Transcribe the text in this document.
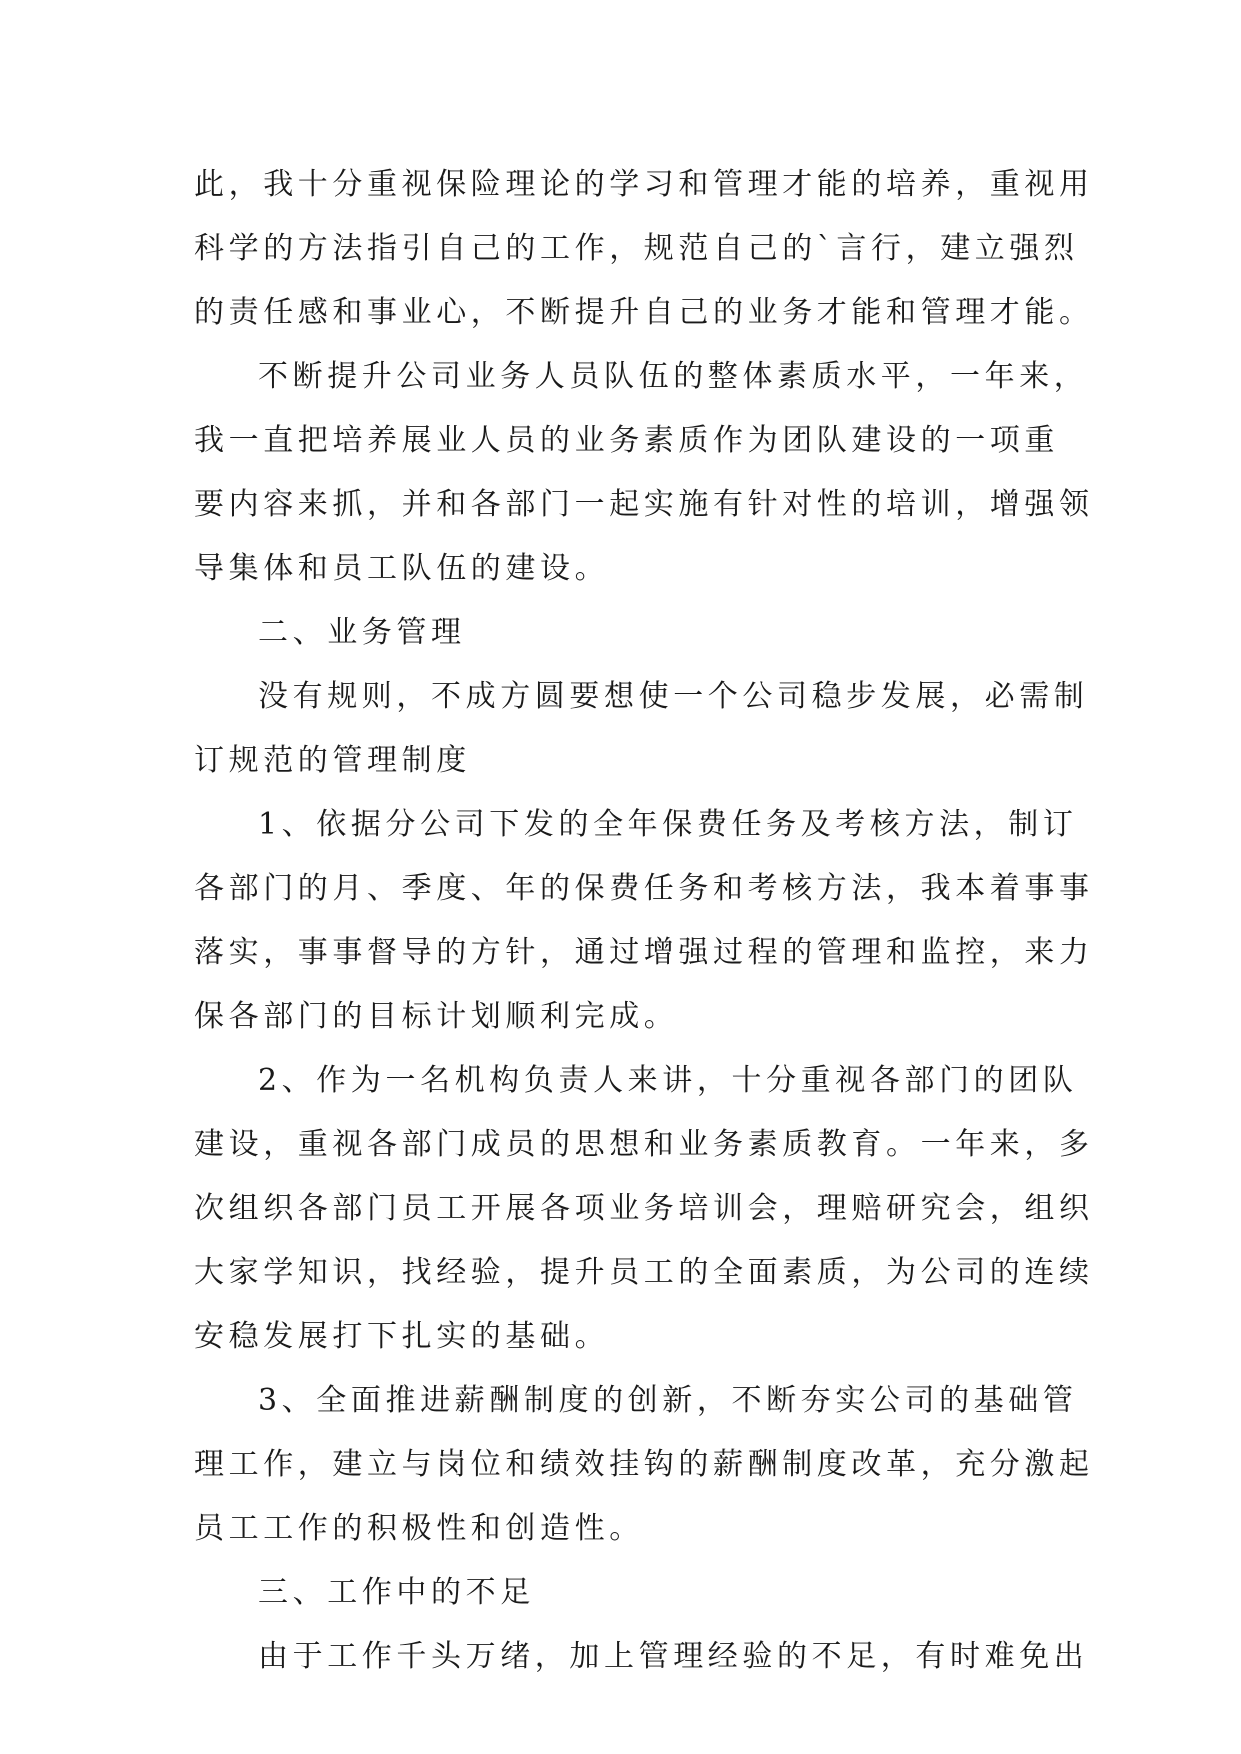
此，我十分重视保险理论的学习和管理才能的培养，重视用
科学的方法指引自己的工作，规范自己的`言行，建立强烈
的责任感和事业心，不断提升自己的业务才能和管理才能。
不断提升公司业务人员队伍的整体素质水平，一年来，
我一直把培养展业人员的业务素质作为团队建设的一项重
要内容来抓，并和各部门一起实施有针对性的培训，增强领
导集体和员工队伍的建设。
二、业务管理
没有规则，不成方圆要想使一个公司稳步发展，必需制
订规范的管理制度
1、依据分公司下发的全年保费任务及考核方法，制订
各部门的月、季度、年的保费任务和考核方法，我本着事事
落实，事事督导的方针，通过增强过程的管理和监控，来力
保各部门的目标计划顺利完成。
2、作为一名机构负责人来讲，十分重视各部门的团队
建设，重视各部门成员的思想和业务素质教育。一年来，多
次组织各部门员工开展各项业务培训会，理赔研究会，组织
大家学知识，找经验，提升员工的全面素质，为公司的连续
安稳发展打下扎实的基础。
3、全面推进薪酬制度的创新，不断夯实公司的基础管
理工作，建立与岗位和绩效挂钩的薪酬制度改革，充分激起
员工工作的积极性和创造性。
三、工作中的不足
由于工作千头万绪，加上管理经验的不足，有时难免出
